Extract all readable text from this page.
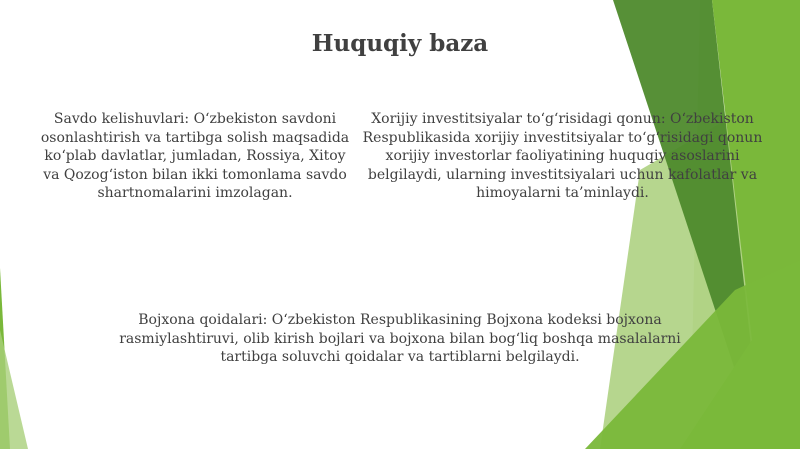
Huquqiy baza
Savdo kelishuvlari: O‘zbekiston savdoni osonlashtirish va tartibga solish maqsadida ko‘plab davlatlar, jumladan, Rossiya, Xitoy va Qozog‘iston bilan ikki tomonlama savdo shartnomalarini imzolagan.
Xorijiy investitsiyalar to‘g‘risidagi qonun: O‘zbekiston Respublikasida xorijiy investitsiyalar to‘g‘risidagi qonun xorijiy investorlar faoliyatining huquqiy asoslarini belgilaydi, ularning investitsiyalari uchun kafolatlar va himoyalarni ta’minlaydi.
Bojxona qoidalari: O‘zbekiston Respublikasining Bojxona kodeksi bojxona rasmiylashtiruvi, olib kirish bojlari va bojxona bilan bog‘liq boshqa masalalarni tartibga soluvchi qoidalar va tartiblarni belgilaydi.
